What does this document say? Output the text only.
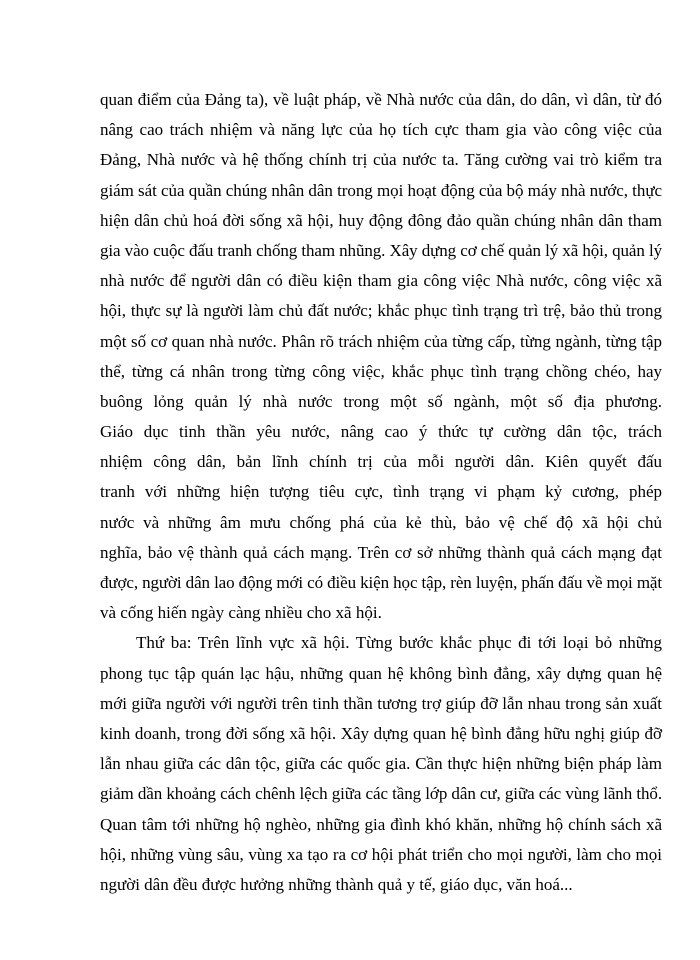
quan điểm của Đảng ta), về luật pháp, về Nhà nước của dân, do dân, vì dân, từ đó
nâng cao trách nhiệm và năng lực của họ tích cực tham gia vào công việc của
Đảng, Nhà nước và hệ thống chính trị của nước ta. Tăng cường vai trò kiểm tra
giám sát của quần chúng nhân dân trong mọi hoạt động của bộ máy nhà nước, thực
hiện dân chủ hoá đời sống xã hội, huy động đông đảo quần chúng nhân dân tham
gia vào cuộc đấu tranh chống tham nhũng. Xây dựng cơ chế quản lý xã hội, quản lý
nhà nước để người dân có điều kiện tham gia công việc Nhà nước, công việc xã
hội, thực sự là người làm chủ đất nước; khắc phục tình trạng trì trệ, bảo thủ trong
một số cơ quan nhà nước. Phân rõ trách nhiệm của từng cấp, từng ngành, từng tập
thể, từng cá nhân trong từng công việc, khắc phục tình trạng chồng chéo, hay
buông lỏng quản lý nhà nước trong một số ngành, một số địa phương.
Giáo dục tinh thần yêu nước, nâng cao ý thức tự cường dân tộc, trách
nhiệm công dân, bản lĩnh chính trị của mỗi người dân. Kiên quyết đấu
tranh với những hiện tượng tiêu cực, tình trạng vi phạm kỷ cương, phép
nước và những âm mưu chống phá của kẻ thù, bảo vệ chế độ xã hội chủ
nghĩa, bảo vệ thành quả cách mạng. Trên cơ sở những thành quả cách mạng đạt
được, người dân lao động mới có điều kiện học tập, rèn luyện, phấn đấu về mọi mặt
và cống hiến ngày càng nhiều cho xã hội.
Thứ ba: Trên lĩnh vực xã hội. Từng bước khắc phục đi tới loại bỏ những
phong tục tập quán lạc hậu, những quan hệ không bình đẳng, xây dựng quan hệ
mới giữa người với người trên tinh thần tương trợ giúp đỡ lẫn nhau trong sản xuất
kinh doanh, trong đời sống xã hội. Xây dựng quan hệ bình đẳng hữu nghị giúp đỡ
lẫn nhau giữa các dân tộc, giữa các quốc gia. Cần thực hiện những biện pháp làm
giảm dần khoảng cách chênh lệch giữa các tầng lớp dân cư, giữa các vùng lãnh thổ.
Quan tâm tới những hộ nghèo, những gia đình khó khăn, những hộ chính sách xã
hội, những vùng sâu, vùng xa tạo ra cơ hội phát triển cho mọi người, làm cho mọi
người dân đều được hưởng những thành quả y tế, giáo dục, văn hoá...
